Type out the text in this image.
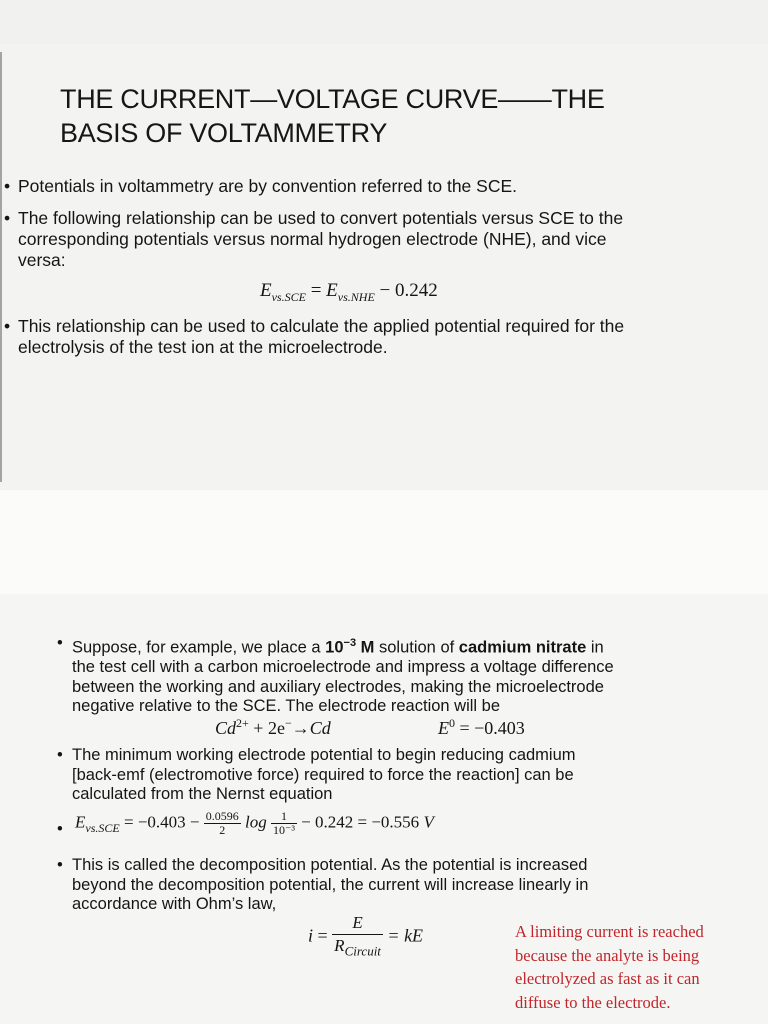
THE CURRENT—VOLTAGE CURVE——THE
BASIS OF VOLTAMMETRY
• Potentials in voltammetry are by convention referred to the SCE.
• The following relationship can be used to convert potentials versus SCE to the
corresponding potentials versus normal hydrogen electrode (NHE), and vice
versa:
$E_{vs.SCE} = E_{vs.NHE} - 0.242$
• This relationship can be used to calculate the applied potential required for the
electrolysis of the test ion at the microelectrode.
• Suppose, for example, we place a $10^{-3}$ M solution of cadmium nitrate in
the test cell with a carbon microelectrode and impress a voltage difference
between the working and auxiliary electrodes, making the microelectrode
negative relative to the SCE. The electrode reaction will be
$Cd^{2+} + 2e^-\to Cd$	$E^0 = -0.403$
• The minimum working electrode potential to begin reducing cadmium
[back-emf (electromotive force) required to force the reaction] can be
calculated from the Nernst equation
• $E_{vs.SCE} = -0.403 - \frac{0.0596}{2}$ $\log \frac{1}{\text{10⁻³}} - 0.242 = -0.556$ V
• This is called the decomposition potential. As the potential is increased
beyond the decomposition potential, the current will increase linearly in
accordance with Ohm’s law,
$i = \frac{E}{R_{Circuit}}$ = kE	A limiting current is reached
because the analyte is being
electrolyzed as fast as it can
diffuse to the electrode.
